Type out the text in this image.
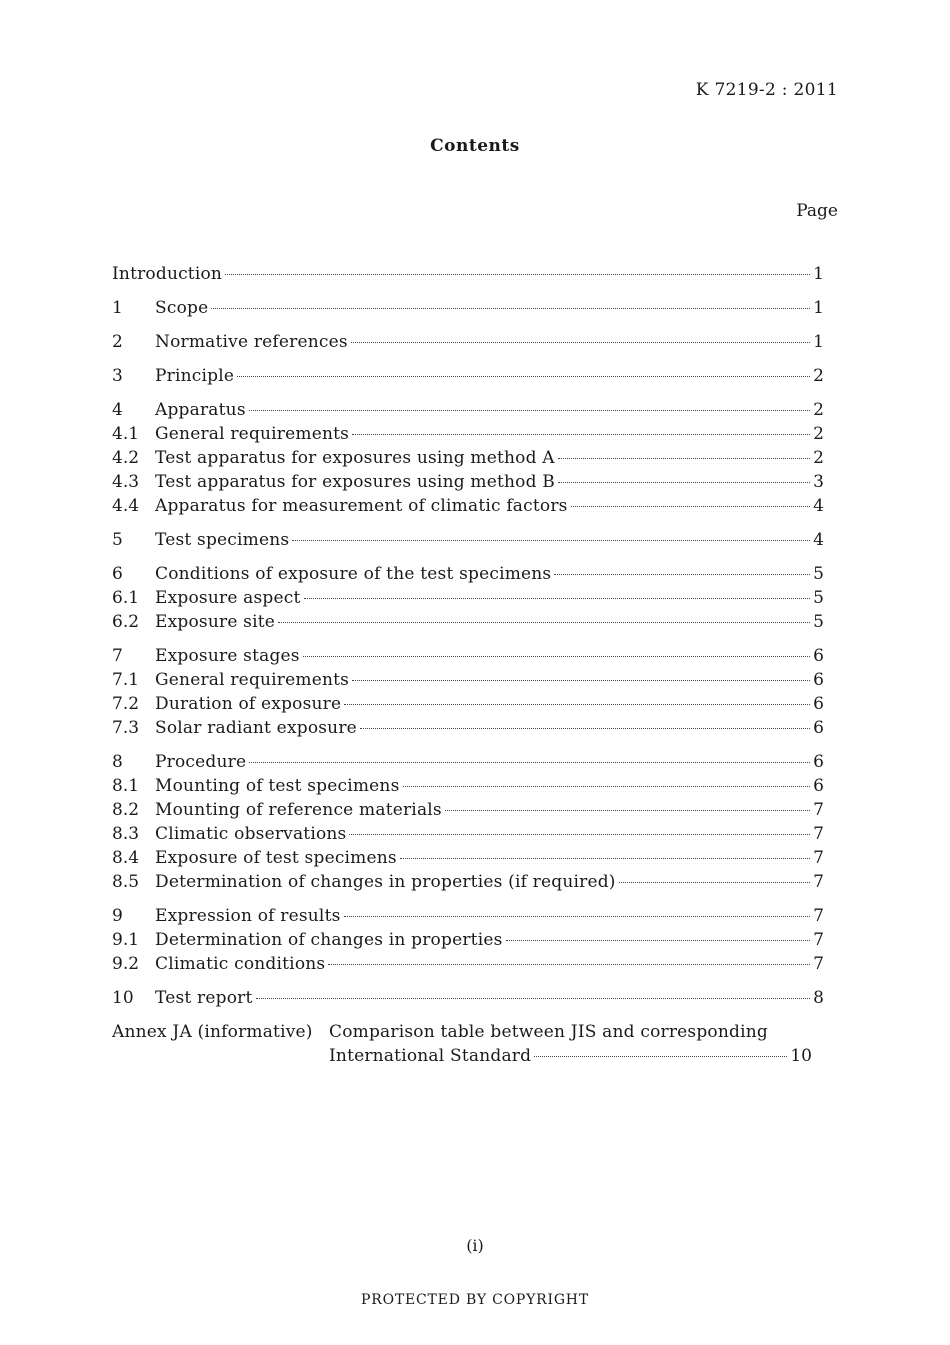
K 7219-2 : 2011
Contents
Page
Introduction	1
1	Scope	1
2	Normative references	1
3	Principle	2
4	Apparatus	2
4.1 General requirements	2
4.2 Test apparatus for exposures using method A	2
4.3 Test apparatus for exposures using method B	3
4.4 Apparatus for measurement of climatic factors	4
5	Test specimens	4
6	Conditions of exposure of the test specimens	5
6.1 Exposure aspect	5
6.2 Exposure site	5
7	Exposure stages	6
7.1 General requirements	6
7.2 Duration of exposure	6
7.3 Solar radiant exposure	6
8	Procedure	6
8.1 Mounting of test specimens	6
8.2 Mounting of reference materials	7
8.3 Climatic observations	7
8.4 Exposure of test specimens	7
8.5 Determination of changes in properties (if required)	7
9	Expression of results	7
9.1 Determination of changes in properties	7
9.2 Climatic conditions	7
10	Test report	8
Annex JA (informative) Comparison table between JIS and corresponding
International Standard	10
(i)
PROTECTED BY COPYRIGHT
